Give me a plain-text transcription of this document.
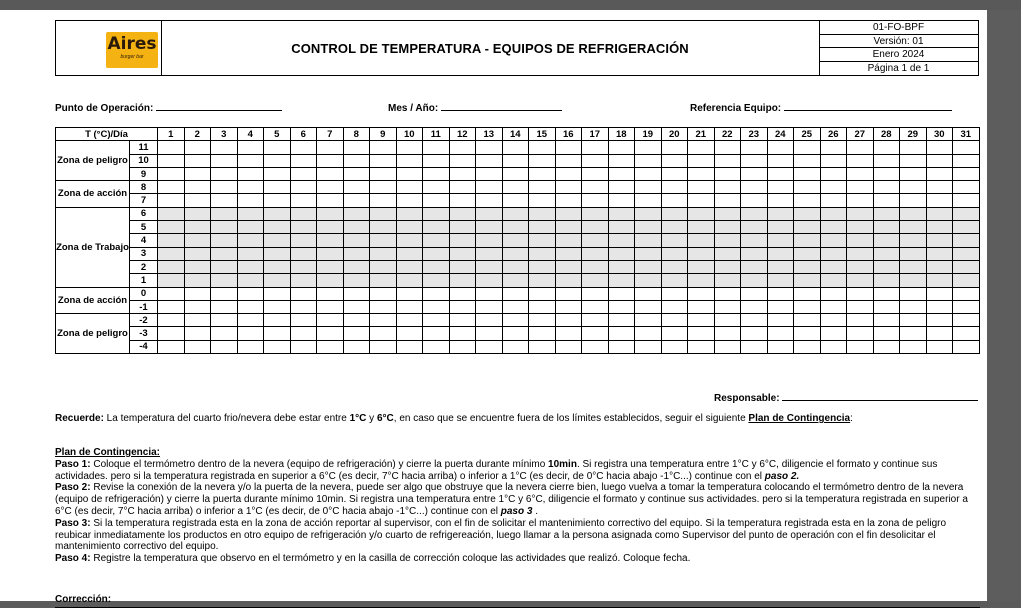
Aires
burger bar
CONTROL DE TEMPERATURA - EQUIPOS DE REFRIGERACIÓN
01-FO-BPF
Versión: 01
Enero 2024
Página 1 de 1
Punto de Operación:	Mes / Año:	Referencia Equipo:
T (°C)/Día		1	2	3	4	5	6	7	8	9	10	11	12	13	14	15	16	17	18	19	20	21	22	23	24	25	26	27	28	29	30	31
Zona de peligro	11																															
	10																															
	9																															
Zona de acción	8																															
	7																															
Zona de Trabajo	6																															
	5																															
	4																															
	3																															
	2																															
	1																															
Zona de acción	0																															
	-1																															
Zona de peligro	-2																															
	-3																															
	-4																															
Responsable:
Recuerde: La temperatura del cuarto frio/nevera debe estar entre 1°C y 6°C, en caso que se encuentre fuera de los límites establecidos, seguir el siguiente Plan de Contingencia:

Plan de Contingencia:

Paso 1: Coloque el termómetro dentro de la nevera (equipo de refrigeración) y cierre la puerta durante mínimo 10min. Si registra una temperatura entre 1°C y 6°C, diligencie el formato y continue sus actividades. pero si la temperatura registrada en superior a 6°C (es decir, 7°C hacia arriba) o inferior a 1°C (es decir, de 0°C hacia abajo -1°C...) continue con el paso 2.

Paso 2: Revise la conexión de la nevera y/o la puerta de la nevera, puede ser algo que obstruye que la nevera cierre bien, luego vuelva a tomar la temperatura colocando el termómetro dentro de la nevera (equipo de refrigeración) y cierre la puerta durante mínimo 10min. Si registra una temperatura entre 1°C y 6°C, diligencie el formato y continue sus actividades. pero si la temperatura registrada en superior a 6°C (es decir, 7°C hacia arriba) o inferior a 1°C (es decir, de 0°C hacia abajo -1°C...) continue con el paso 3 .

Paso 3: Si la temperatura registrada esta en la zona de acción reportar al supervisor, con el fin de solicitar el mantenimiento correctivo del equipo. Si la temperatura registrada esta en la zona de peligro reubicar inmediatamente los productos en otro equipo de refrigeración y/o cuarto de refrigereación, luego llamar a la persona asignada como Supervisor del punto de operación con el fin desolicitar el mantenimiento correctivo del equipo.

Paso 4: Registre la temperatura que observo en el termómetro y en la casilla de corrección coloque las actividades que realizó. Coloque fecha.

Corrección:
